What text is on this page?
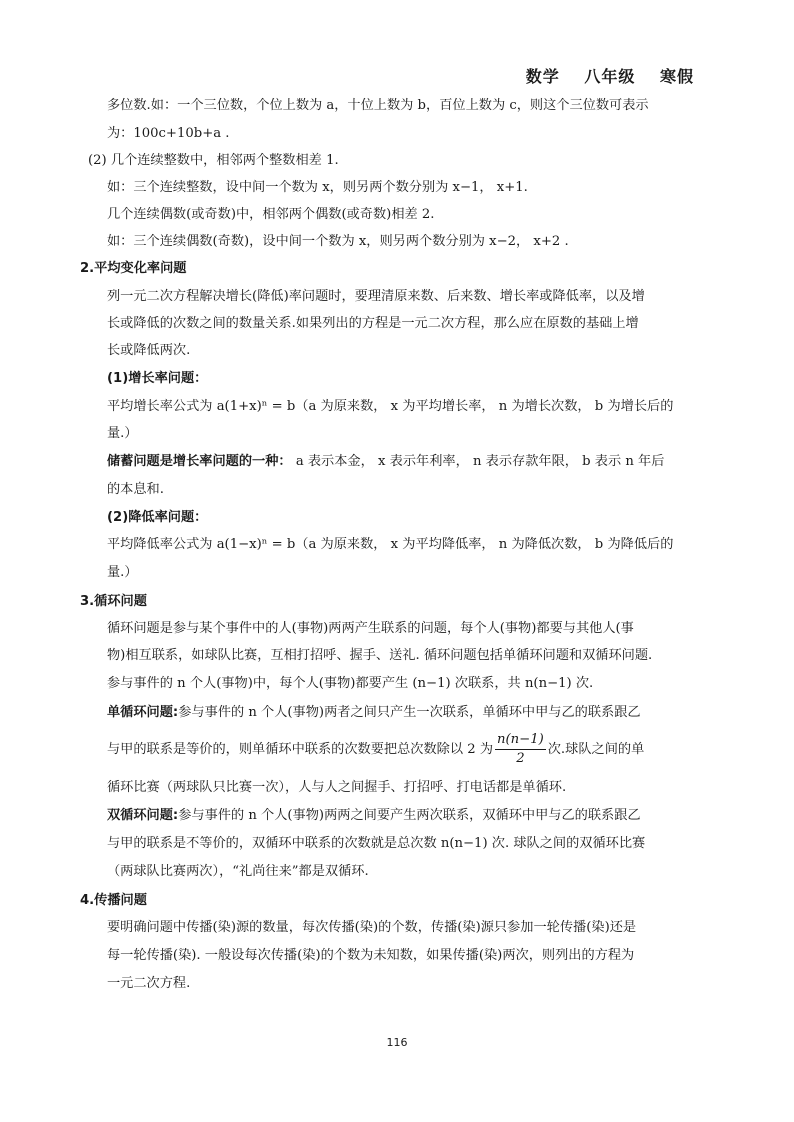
数学 八年级 寒假
多位数.如：一个三位数，个位上数为 a，十位上数为 b，百位上数为 c，则这个三位数可表示
为：100c+10b+a .
(2) 几个连续整数中，相邻两个整数相差 1.
如：三个连续整数，设中间一个数为 x，则另两个数分别为 x−1， x+1.
几个连续偶数(或奇数)中，相邻两个偶数(或奇数)相差 2.
如：三个连续偶数(奇数)，设中间一个数为 x，则另两个数分别为 x−2， x+2 .
2.平均变化率问题
列一元二次方程解决增长(降低)率问题时，要理清原来数、后来数、增长率或降低率，以及增
长或降低的次数之间的数量关系.如果列出的方程是一元二次方程，那么应在原数的基础上增
长或降低两次.
(1)增长率问题：
平均增长率公式为 a(1+x)ⁿ = b（a 为原来数， x 为平均增长率， n 为增长次数， b 为增长后的
量.）
储蓄问题是增长率问题的一种： a 表示本金， x 表示年利率， n 表示存款年限， b 表示 n 年后
的本息和.
(2)降低率问题：
平均降低率公式为 a(1−x)ⁿ = b（a 为原来数， x 为平均降低率， n 为降低次数， b 为降低后的
量.）
3.循环问题
循环问题是参与某个事件中的人(事物)两两产生联系的问题，每个人(事物)都要与其他人(事
物)相互联系，如球队比赛，互相打招呼、握手、送礼. 循环问题包括单循环问题和双循环问题.
参与事件的 n 个人(事物)中，每个人(事物)都要产生 (n−1) 次联系，共 n(n−1) 次.
单循环问题:参与事件的 n 个人(事物)两者之间只产生一次联系，单循环中甲与乙的联系跟乙
与甲的联系是等价的，则单循环中联系的次数要把总次数除以 2 为 $\frac{n(n-1)}{2}$ 次.球队之间的单
循环比赛（两球队只比赛一次），人与人之间握手、打招呼、打电话都是单循环.
双循环问题:参与事件的 n 个人(事物)两两之间要产生两次联系，双循环中甲与乙的联系跟乙
与甲的联系是不等价的，双循环中联系的次数就是总次数 n(n−1) 次. 球队之间的双循环比赛
（两球队比赛两次），“礼尚往来”都是双循环.
4.传播问题
要明确问题中传播(染)源的数量，每次传播(染)的个数，传播(染)源只参加一轮传播(染)还是
每一轮传播(染). 一般设每次传播(染)的个数为未知数，如果传播(染)两次，则列出的方程为
一元二次方程.
116
